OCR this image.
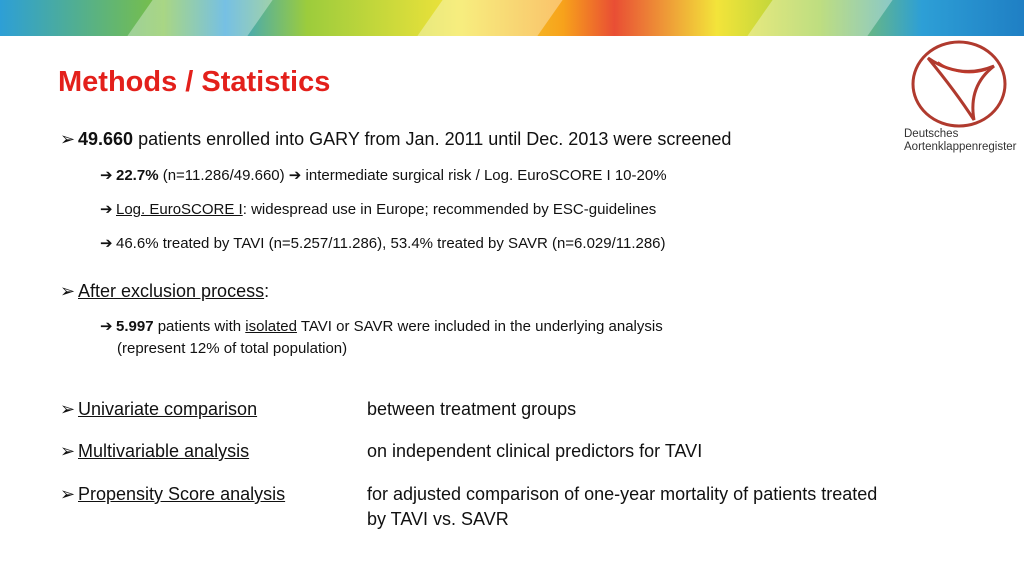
Methods / Statistics
Deutsches
Aortenklappenregister
➢ 49.660 patients enrolled into GARY from Jan. 2011 until Dec. 2013 were screened
➔ 22.7% (n=11.286/49.660) ➔ intermediate surgical risk / Log. EuroSCORE I 10-20%
➔ Log. EuroSCORE I: widespread use in Europe; recommended by ESC-guidelines
➔ 46.6% treated by TAVI (n=5.257/11.286), 53.4% treated by SAVR (n=6.029/11.286)
➢ After exclusion process:
➔ 5.997 patients with isolated TAVI or SAVR were included in the underlying analysis
(represent 12% of total population)
➢ Univariate comparison	between treatment groups
➢ Multivariable analysis	on independent clinical predictors for TAVI
➢ Propensity Score analysis	for adjusted comparison of one-year mortality of patients treated
by TAVI vs. SAVR
